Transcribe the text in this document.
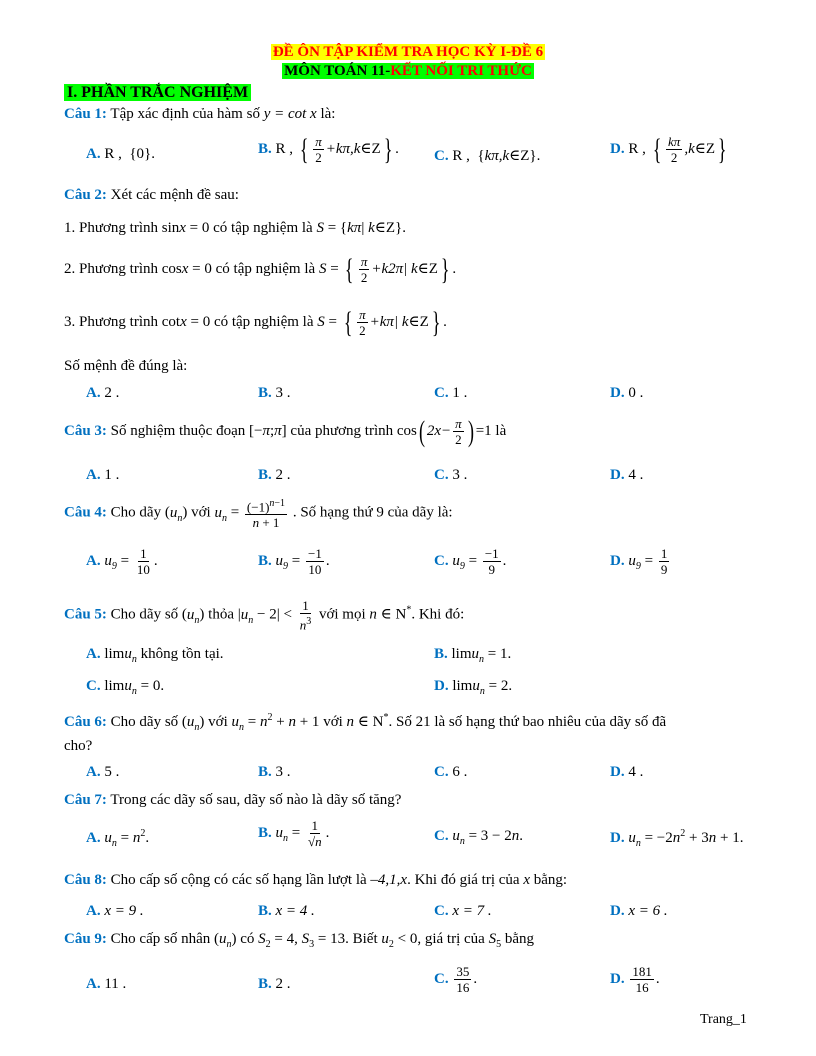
ĐỀ ÔN TẬP KIỂM TRA HỌC KỲ I-ĐỀ 6
MÔN TOÁN 11-KẾT NỐI TRI THỨC
I. PHẦN TRẮC NGHIỆM
Câu 1: Tập xác định của hàm số y = cot x là:
A. R ,  {0}.	B. R , { $\frac{\pi}{2}$ +kπ,k∈Z} . C. R ,  {kπ,k∈Z}.	D. R , { $\frac{k\pi}{2}$ ,k∈Z}
Câu 2: Xét các mệnh đề sau:
1. Phương trình sinx = 0 có tập nghiệm là S = {kπ| k∈Z}.
2. Phương trình cosx = 0 có tập nghiệm là S = { $\frac{\pi}{2} +k2\pi|$ k∈Z} .
3. Phương trình cotx = 0 có tập nghiệm là S = { $\frac{\pi}{2} +k\pi|$ k∈Z} .
Số mệnh đề đúng là:
A. 2 .	B. 3 .	C. 1 .	D. 0 .
Câu 3: Số nghiệm thuộc đoạn [−π;π] của phương trình cos( $2x- \frac{\pi}{2}$ ) =1 là
A. 1 .	B. 2 .	C. 3 .	D. 4 .
Câu 4: Cho dãy $(u_n)$ với $u_n = \frac{(-1)^{n-1}}{n + 1}$ . Số hạng thứ 9 của dãy là:
A. $u_9 = \frac{1}{10}$ .	B. $u_9 = \frac{-1}{10}$ .	C. $u_9 = \frac{-1}{9}$ .	D. $u_9 = \frac{1}{9}$
Câu 5: Cho dãy số $(u_n)$ thỏa $|u_n - 2| < \frac{1}{n^3}$ với mọi n ∈ N*. Khi đó:
A. limu$_n$ không tồn tại.	B. limu$_n$ = 1.
C. limu$_n$ = 0.	D. limu$_n$ = 2.
Câu 6: Cho dãy số $(u_n)$ với $u_n = n^2 + n + 1$ với n ∈ N*. Số 21 là số hạng thứ bao nhiêu của dãy số đã
cho?
A. 5 .	B. 3 .	C. 6 .	D. 4 .
Câu 7: Trong các dãy số sau, dãy số nào là dãy số tăng?
A. $u_n = n^2$.	B. $u_n = \frac{1}{√n}$ .	C. $u_n = 3 - 2n$.	D. $u_n = -2n^2 + 3n + 1$.
Câu 8: Cho cấp số cộng có các số hạng lần lượt là –4,1,x. Khi đó giá trị của x bằng:
A. x = 9 .	B. x = 4 .	C. x = 7 .	D. x = 6 .
Câu 9: Cho cấp số nhân $(u_n)$ có $S_2 = 4$, $S_3 = 13$. Biết $u_2 < 0$, giá trị của $S_5$ bằng
A. 11 .	B. 2 .	C. $\frac{35}{16}$ .	D. $\frac{181}{16}$ .
Trang_1
